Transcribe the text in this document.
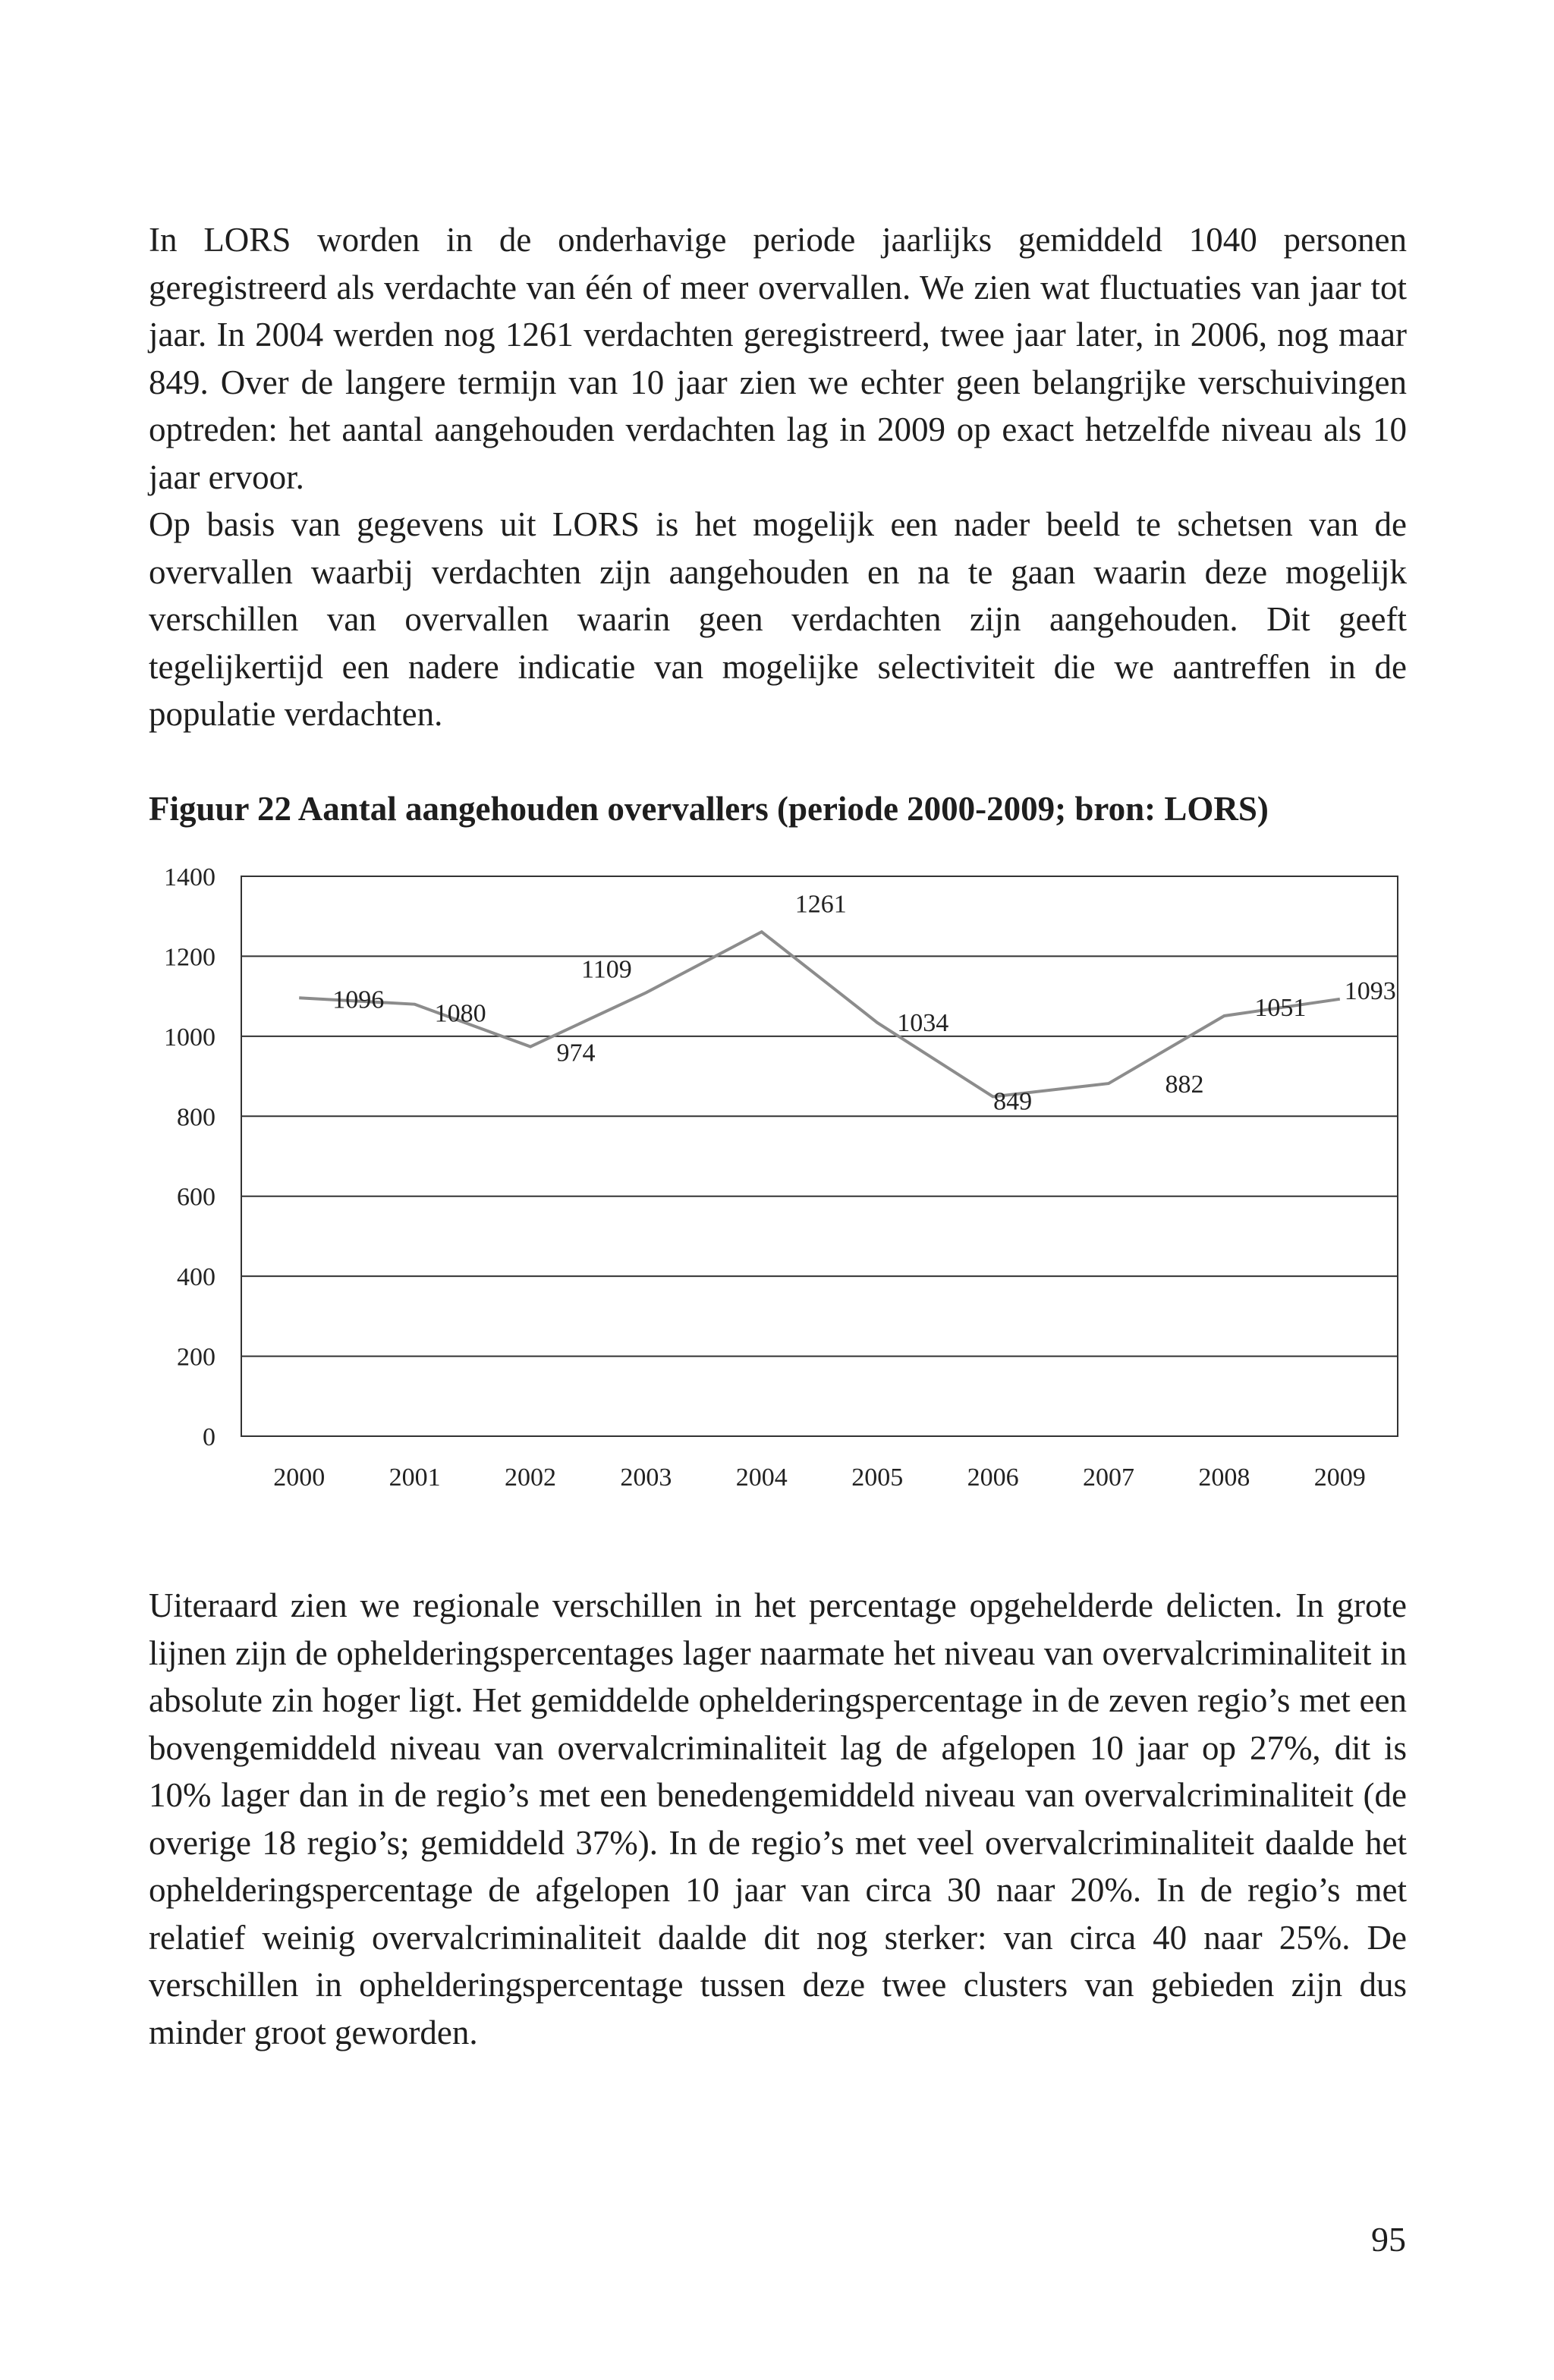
In LORS worden in de onderhavige periode jaarlijks gemiddeld 1040 personen geregistreerd als verdachte van één of meer overvallen. We zien wat fluctuaties van jaar tot jaar. In 2004 werden nog 1261 verdachten geregistreerd, twee jaar later, in 2006, nog maar 849. Over de langere termijn van 10 jaar zien we echter geen belangrijke verschuivingen optreden: het aantal aangehouden verdachten lag in 2009 op exact hetzelfde niveau als 10 jaar ervoor.

Op basis van gegevens uit LORS is het mogelijk een nader beeld te schetsen van de overvallen waarbij verdachten zijn aangehouden en na te gaan waarin deze mogelijk verschillen van overvallen waarin geen verdachten zijn aangehouden. Dit geeft tegelijkertijd een nadere indicatie van mogelijke selectiviteit die we aantreffen in de populatie verdachten.

Figuur 22 Aantal aangehouden overvallers (periode 2000-2009; bron: LORS)

0
200
400
600
800
1000
1200
1400
2000 2001 2002 2003 2004 2005 2006 2007 2008 2009
1096 1080
974
1109
1261
1034
849
882
1051
1093

Uiteraard zien we regionale verschillen in het percentage opgehelderde delicten. In grote lijnen zijn de ophelderingspercentages lager naarmate het niveau van overvalcriminaliteit in absolute zin hoger ligt. Het gemiddelde ophelderingspercentage in de zeven regio’s met een bovengemiddeld niveau van overvalcriminaliteit lag de afgelopen 10 jaar op 27%, dit is 10% lager dan in de regio’s met een benedengemiddeld niveau van overvalcriminaliteit (de overige 18 regio’s; gemiddeld 37%). In de regio’s met veel overvalcriminaliteit daalde het ophelderingspercentage de afgelopen 10 jaar van circa 30 naar 20%. In de regio’s met relatief weinig overvalcriminaliteit daalde dit nog sterker: van circa 40 naar 25%. De verschillen in ophelderingspercentage tussen deze twee clusters van gebieden zijn dus minder groot geworden.

95
